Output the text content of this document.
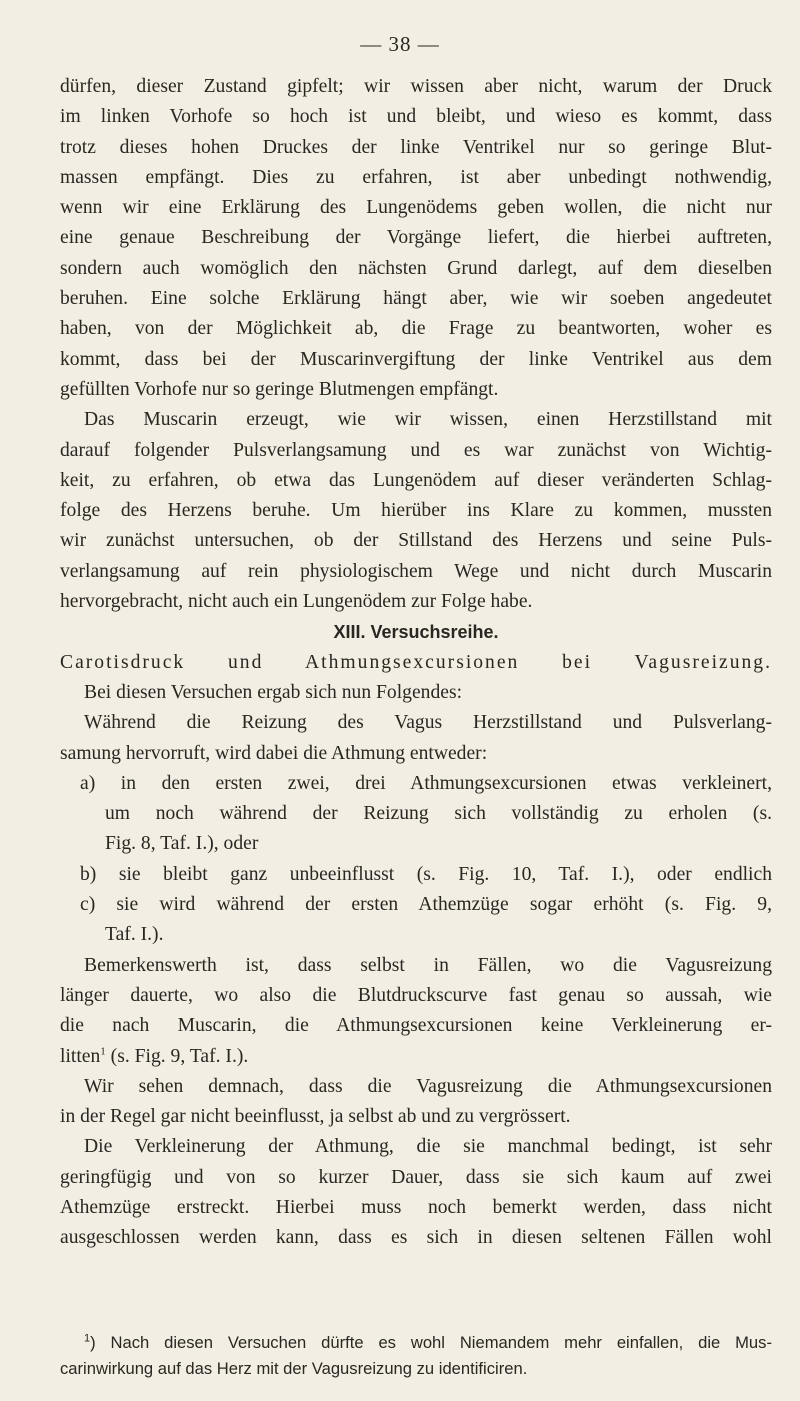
— 38 —
dürfen, dieser Zustand gipfelt; wir wissen aber nicht, warum der Druck
im linken Vorhofe so hoch ist und bleibt, und wieso es kommt, dass
trotz dieses hohen Druckes der linke Ventrikel nur so geringe Blut-
massen empfängt. Dies zu erfahren, ist aber unbedingt nothwendig,
wenn wir eine Erklärung des Lungenödems geben wollen, die nicht nur
eine genaue Beschreibung der Vorgänge liefert, die hierbei auftreten,
sondern auch womöglich den nächsten Grund darlegt, auf dem dieselben
beruhen. Eine solche Erklärung hängt aber, wie wir soeben angedeutet
haben, von der Möglichkeit ab, die Frage zu beantworten, woher es
kommt, dass bei der Muscarinvergiftung der linke Ventrikel aus dem
gefüllten Vorhofe nur so geringe Blutmengen empfängt.
Das Muscarin erzeugt, wie wir wissen, einen Herzstillstand mit
darauf folgender Pulsverlangsamung und es war zunächst von Wichtig-
keit, zu erfahren, ob etwa das Lungenödem auf dieser veränderten Schlag-
folge des Herzens beruhe. Um hierüber ins Klare zu kommen, mussten
wir zunächst untersuchen, ob der Stillstand des Herzens und seine Puls-
verlangsamung auf rein physiologischem Wege und nicht durch Muscarin
hervorgebracht, nicht auch ein Lungenödem zur Folge habe.
XIII. Versuchsreihe.
Carotisdruck und Athmungsexcursionen bei Vagusreizung.
Bei diesen Versuchen ergab sich nun Folgendes:
Während die Reizung des Vagus Herzstillstand und Pulsverlang-
samung hervorruft, wird dabei die Athmung entweder:
a) in den ersten zwei, drei Athmungsexcursionen etwas verkleinert,
um noch während der Reizung sich vollständig zu erholen (s.
Fig. 8, Taf. I.), oder
b) sie bleibt ganz unbeeinflusst (s. Fig. 10, Taf. I.), oder endlich
c) sie wird während der ersten Athemzüge sogar erhöht (s. Fig. 9,
Taf. I.).
Bemerkenswerth ist, dass selbst in Fällen, wo die Vagusreizung
länger dauerte, wo also die Blutdruckscurve fast genau so aussah, wie
die nach Muscarin, die Athmungsexcursionen keine Verkleinerung er-
litten$^1$ (s. Fig. 9, Taf. I.).
Wir sehen demnach, dass die Vagusreizung die Athmungsexcursionen
in der Regel gar nicht beeinflusst, ja selbst ab und zu vergrössert.
Die Verkleinerung der Athmung, die sie manchmal bedingt, ist sehr
geringfügig und von so kurzer Dauer, dass sie sich kaum auf zwei
Athemzüge erstreckt. Hierbei muss noch bemerkt werden, dass nicht
ausgeschlossen werden kann, dass es sich in diesen seltenen Fällen wohl
$^1$) Nach diesen Versuchen dürfte es wohl Niemandem mehr einfallen, die Mus-
carinwirkung auf das Herz mit der Vagusreizung zu identificiren.
